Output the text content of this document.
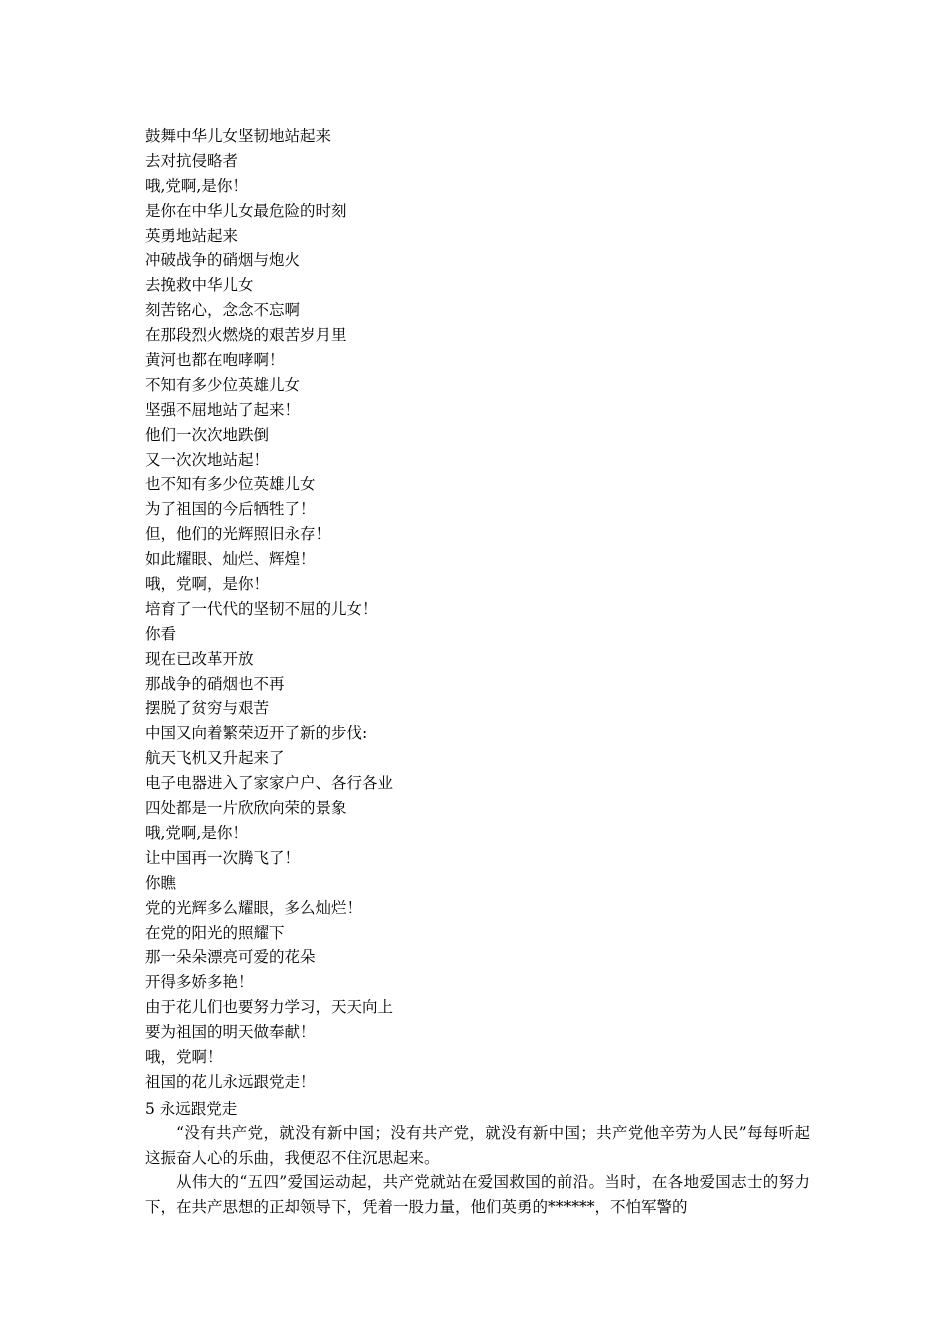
鼓舞中华儿女坚韧地站起来
去对抗侵略者
哦,党啊,是你！
是你在中华儿女最危险的时刻
英勇地站起来
冲破战争的硝烟与炮火
去挽救中华儿女
刻苦铭心，念念不忘啊
在那段烈火燃烧的艰苦岁月里
黄河也都在咆哮啊！
不知有多少位英雄儿女
坚强不屈地站了起来！
他们一次次地跌倒
又一次次地站起！
也不知有多少位英雄儿女
为了祖国的今后牺牲了！
但，他们的光辉照旧永存！
如此耀眼、灿烂、辉煌！
哦，党啊，是你！
培育了一代代的坚韧不屈的儿女！
你看
现在已改革开放
那战争的硝烟也不再
摆脱了贫穷与艰苦
中国又向着繁荣迈开了新的步伐:
航天飞机又升起来了
电子电器进入了家家户户、各行各业
四处都是一片欣欣向荣的景象
哦,党啊,是你！
让中国再一次腾飞了！
你瞧
党的光辉多么耀眼，多么灿烂！
在党的阳光的照耀下
那一朵朵漂亮可爱的花朵
开得多娇多艳！
由于花儿们也要努力学习，天天向上
要为祖国的明天做奉献！
哦，党啊！
祖国的花儿永远跟党走！
5 永远跟党走

“没有共产党，就没有新中国；没有共产党，就没有新中国；共产党他辛劳为人民”每每听起这振奋人心的乐曲，我便忍不住沉思起来。

从伟大的“五四”爱国运动起，共产党就站在爱国救国的前沿。当时，在各地爱国志士的努力下，在共产思想的正却领导下，凭着一股力量，他们英勇的******，不怕军警的
